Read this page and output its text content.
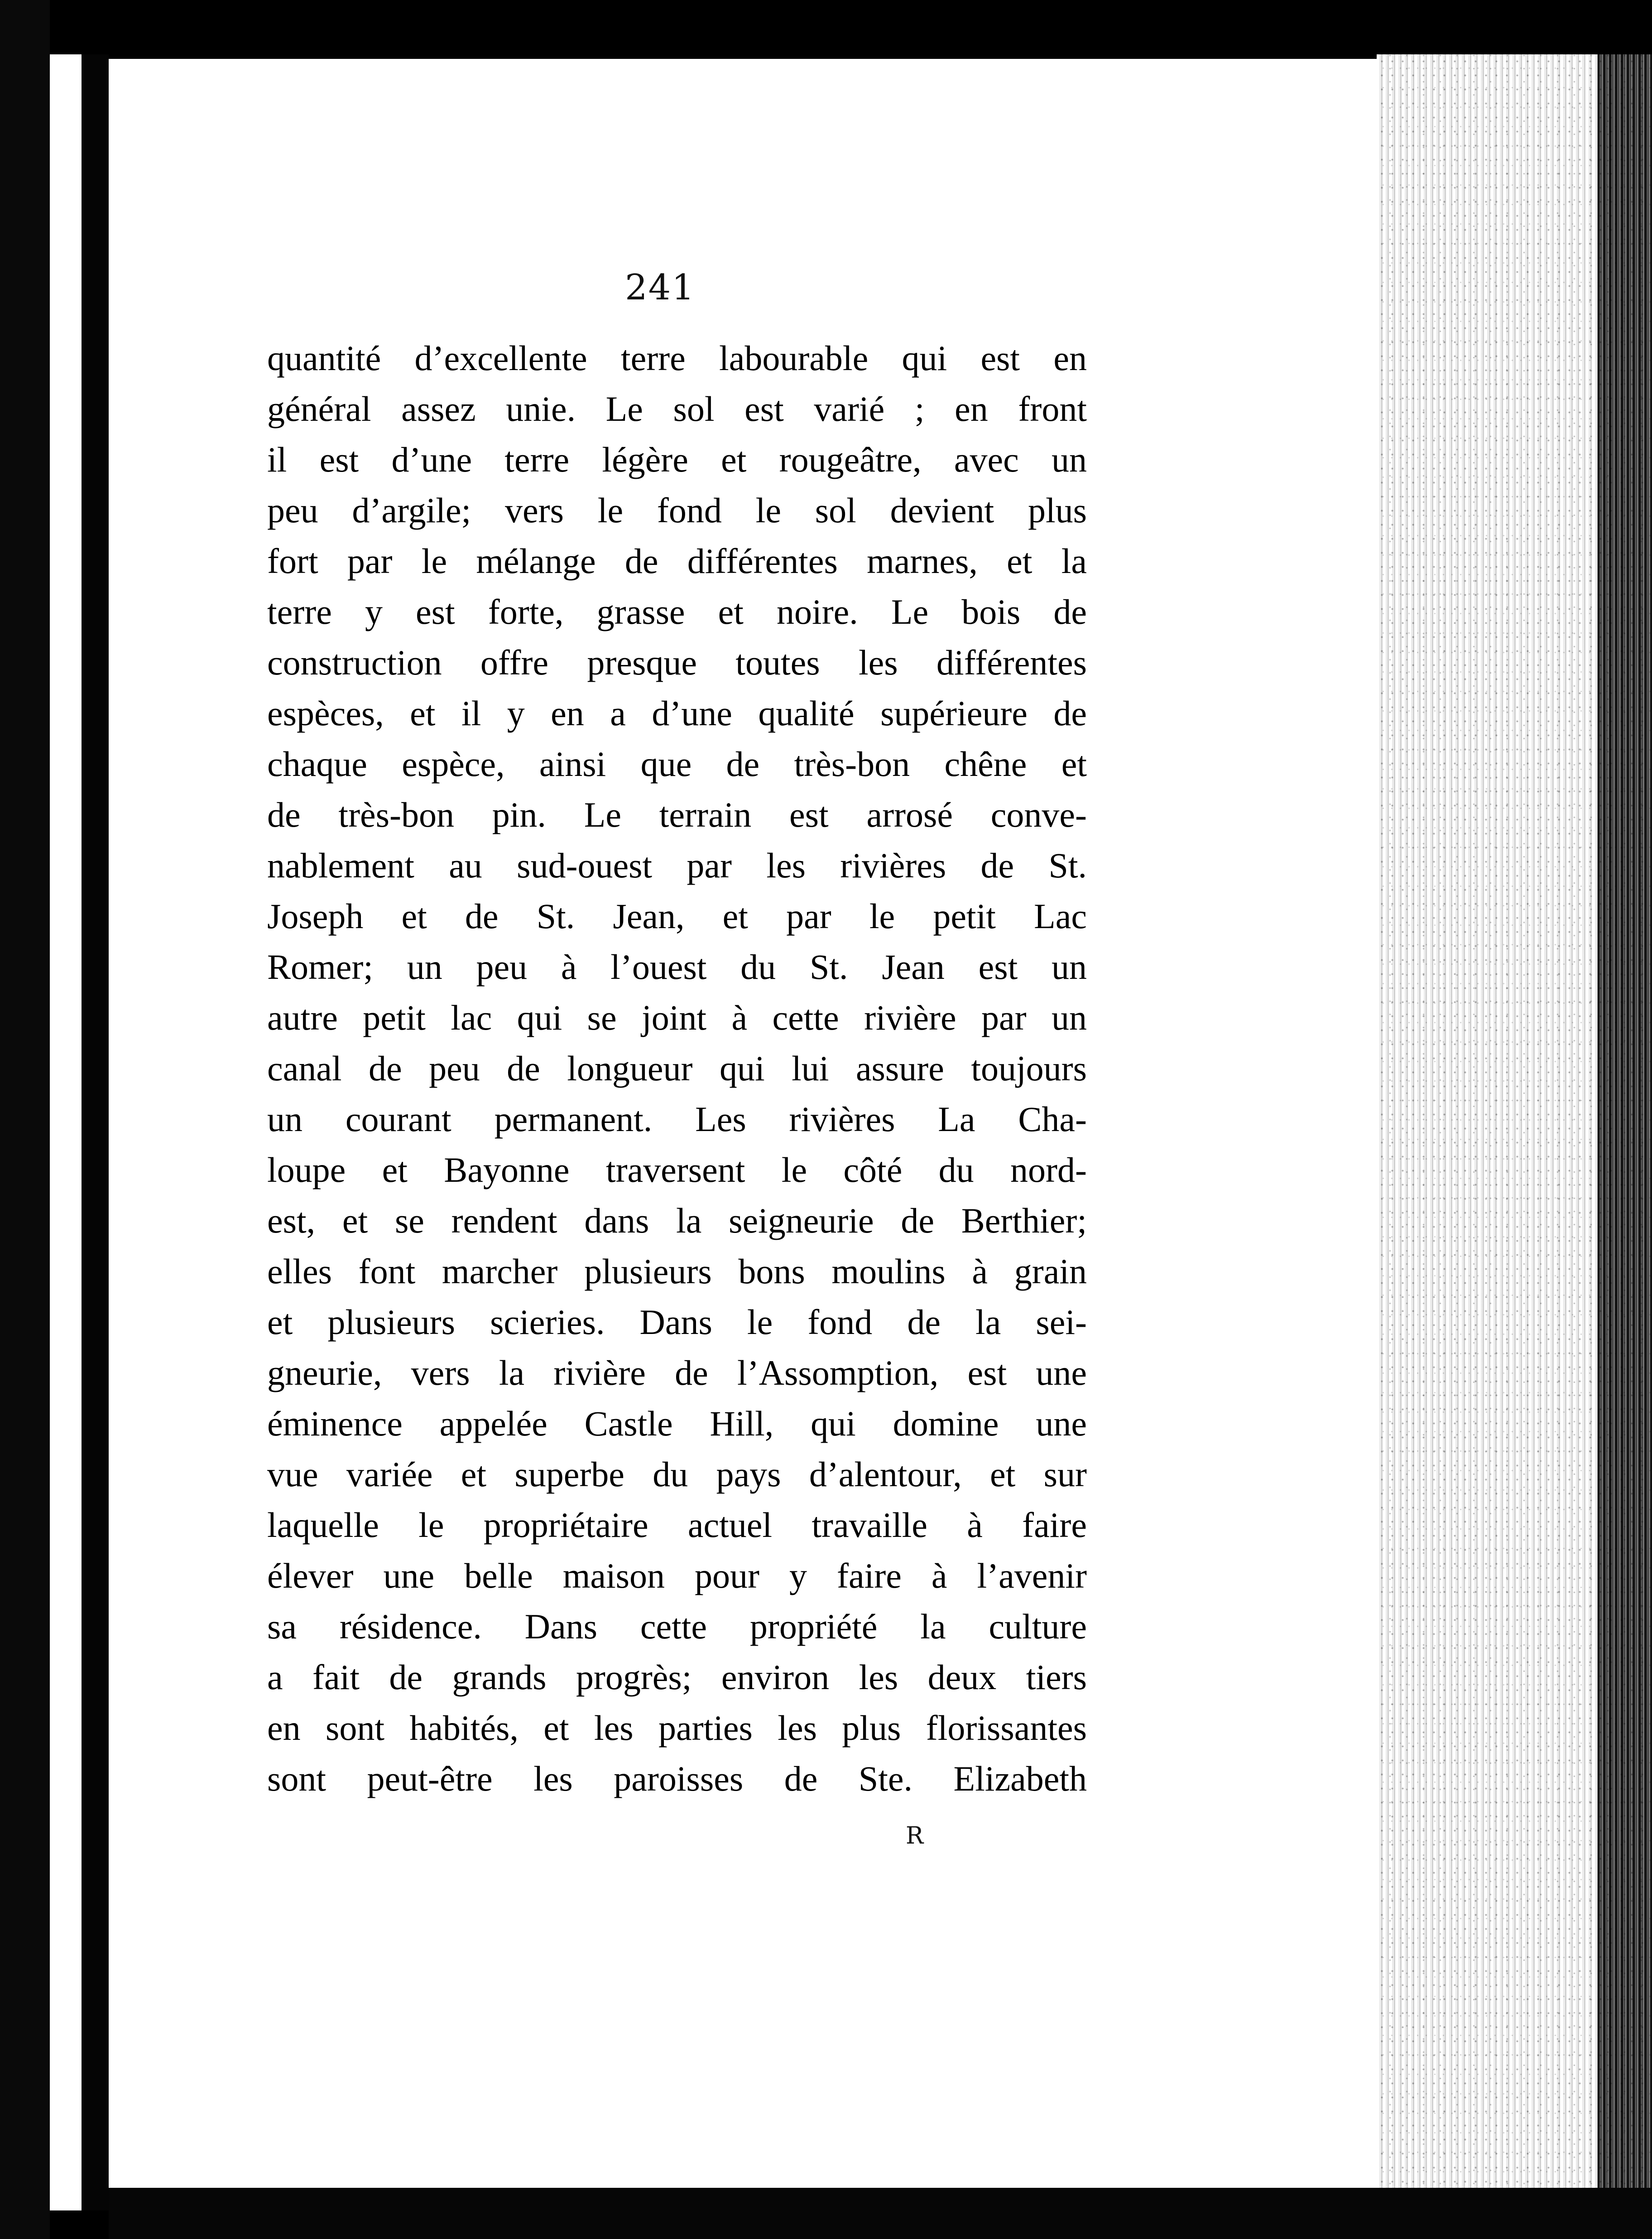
241
quantité d’excellente terre labourable qui est en
général assez unie. Le sol est varié ; en front
il est d’une terre légère et rougeâtre, avec un
peu d’argile; vers le fond le sol devient plus
fort par le mélange de différentes marnes, et la
terre y est forte, grasse et noire. Le bois de
construction offre presque toutes les différentes
espèces, et il y en a d’une qualité supérieure de
chaque espèce, ainsi que de très-bon chêne et
de très-bon pin. Le terrain est arrosé conve-
nablement au sud-ouest par les rivières de St.
Joseph et de St. Jean, et par le petit Lac
Romer; un peu à l’ouest du St. Jean est un
autre petit lac qui se joint à cette rivière par un
canal de peu de longueur qui lui assure toujours
un courant permanent. Les rivières La Cha-
loupe et Bayonne traversent le côté du nord-
est, et se rendent dans la seigneurie de Berthier;
elles font marcher plusieurs bons moulins à grain
et plusieurs scieries. Dans le fond de la sei-
gneurie, vers la rivière de l’Assomption, est une
éminence appelée Castle Hill, qui domine une
vue variée et superbe du pays d’alentour, et sur
laquelle le propriétaire actuel travaille à faire
élever une belle maison pour y faire à l’avenir
sa résidence. Dans cette propriété la culture
a fait de grands progrès; environ les deux tiers
en sont habités, et les parties les plus florissantes
sont peut-être les paroisses de Ste. Elizabeth
R
